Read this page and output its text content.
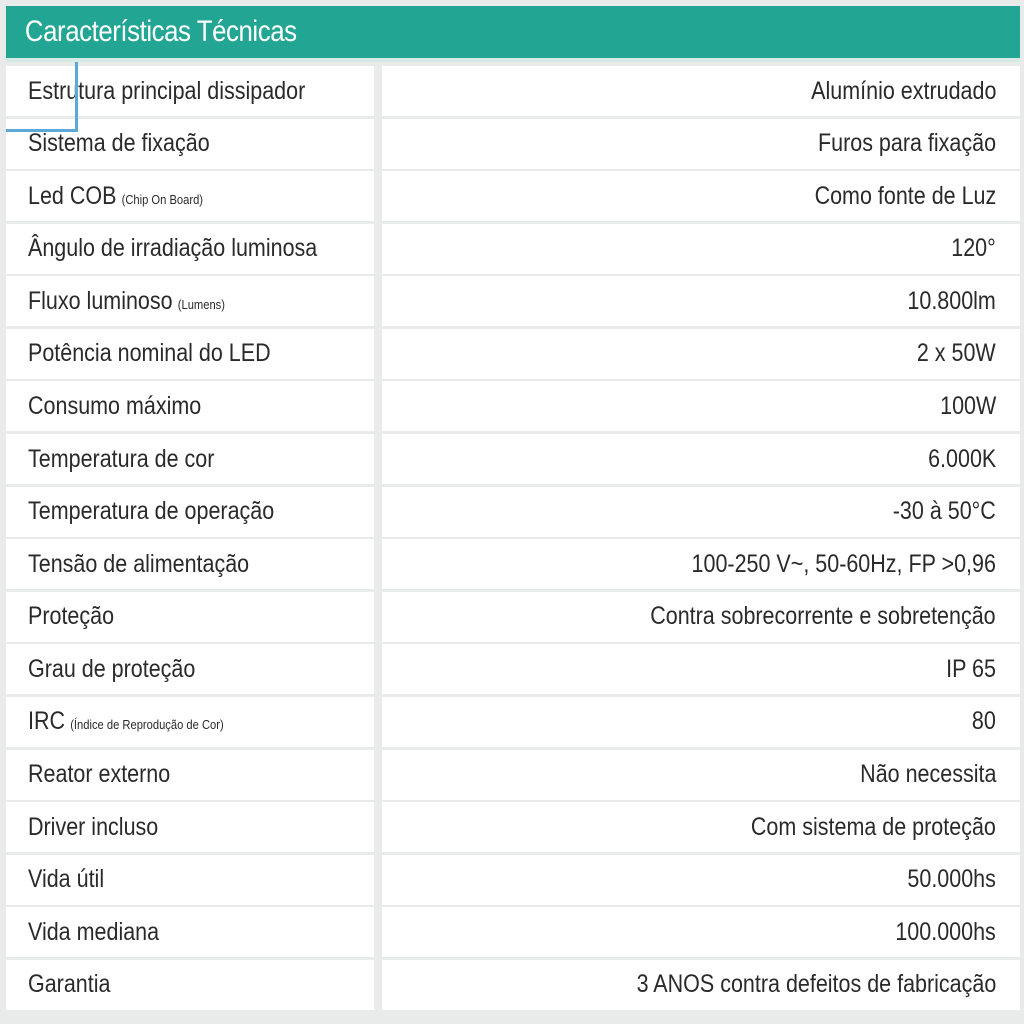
Características Técnicas
Estrutura principal dissipador	Alumínio extrudado
Sistema de fixação	Furos para fixação
Led COB (Chip On Board)	Como fonte de Luz
Ângulo de irradiação luminosa	120°
Fluxo luminoso (Lumens)	10.800lm
Potência nominal do LED	2 x 50W
Consumo máximo	100W
Temperatura de cor	6.000K
Temperatura de operação	-30 à 50°C
Tensão de alimentação	100-250 V~, 50-60Hz, FP >0,96
Proteção	Contra sobrecorrente e sobretenção
Grau de proteção	IP 65
IRC (Índice de Reprodução de Cor)	80
Reator externo	Não necessita
Driver incluso	Com sistema de proteção
Vida útil	50.000hs
Vida mediana	100.000hs
Garantia	3 ANOS contra defeitos de fabricação
